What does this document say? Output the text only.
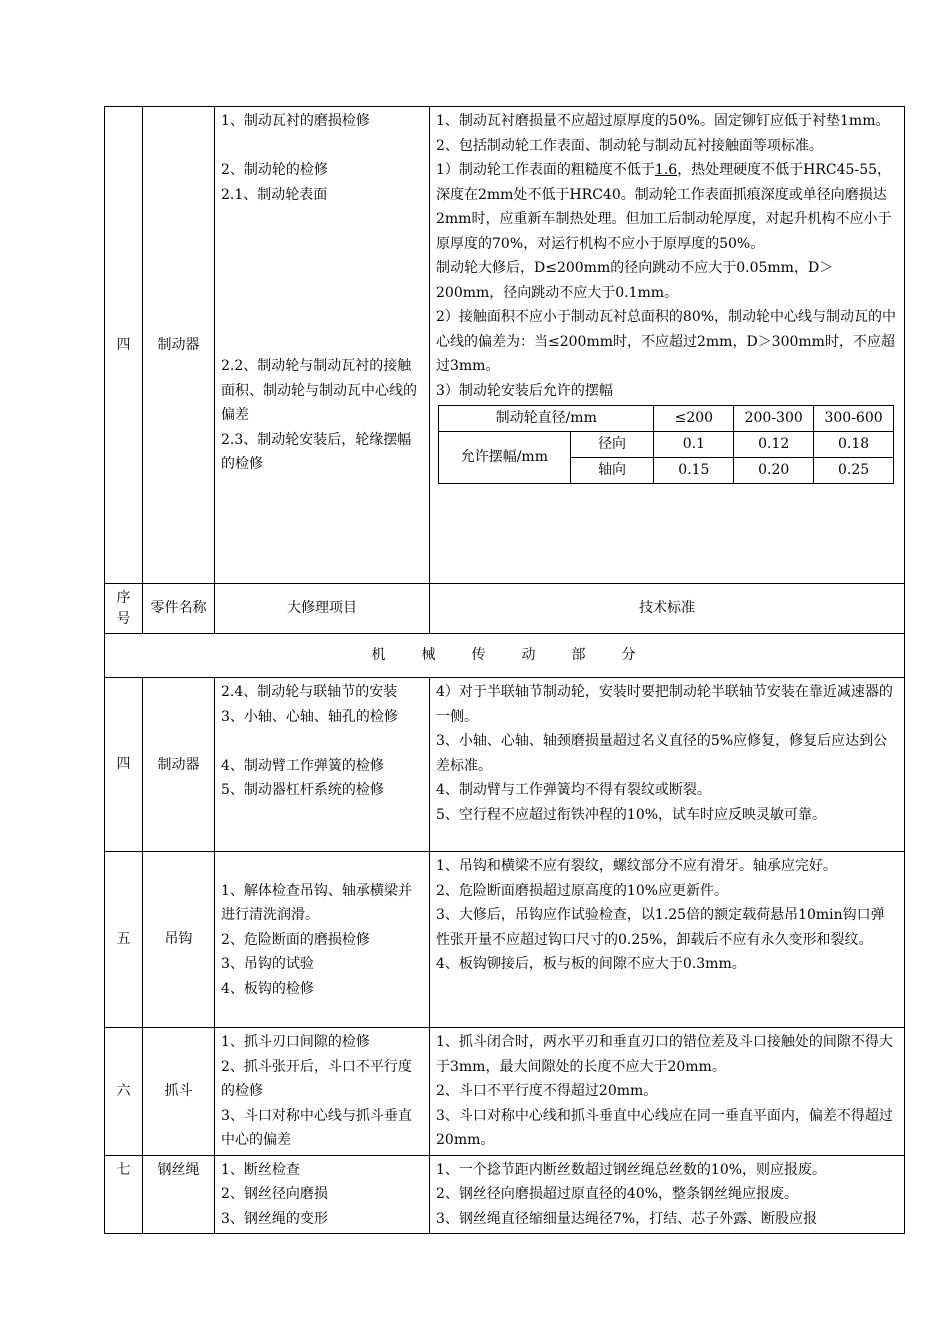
四	制动器	
1、制动瓦衬的磨损检修
2、制动轮的检修
2.1、制动轮表面
2.2、制动轮与制动瓦衬的接触面积、制动轮与制动瓦中心线的偏差
2.3、制动轮安装后，轮缘摆幅的检修

1、制动瓦衬磨损量不应超过原厚度的50%。固定铆钉应低于衬垫1mm。
2、包括制动轮工作表面、制动轮与制动瓦衬接触面等项标准。
1）制动轮工作表面的粗糙度不低于1.6，热处理硬度不低于HRC45-55，深度在2mm处不低于HRC40。制动轮工作表面抓痕深度或单径向磨损达2mm时，应重新车制热处理。但加工后制动轮厚度，对起升机构不应小于原厚度的70%，对运行机构不应小于原厚度的50%。
制动轮大修后，D≤200mm的径向跳动不应大于0.05mm，D＞200mm，径向跳动不应大于0.1mm。
2）接触面积不应小于制动瓦衬总面积的80%，制动轮中心线与制动瓦的中心线的偏差为：当≤200mm时，不应超过2mm，D＞300mm时，不应超过3mm。
3）制动轮安装后允许的摆幅
制动轮直径/mm	≤200	200-300	300-600
允许摆幅/mm	径向	0.1	0.12	0.18
轴向	0.15	0.20	0.25

序号	零件名称	大修理项目	技术标准
机 械 传 动 部 分
四	制动器	
2.4、制动轮与联轴节的安装
3、小轴、心轴、轴孔的检修
4、制动臂工作弹簧的检修
5、制动器杠杆系统的检修

4）对于半联轴节制动轮，安装时要把制动轮半联轴节安装在靠近减速器的一侧。
3、小轴、心轴、轴颈磨损量超过名义直径的5%应修复，修复后应达到公差标准。
4、制动臂与工作弹簧均不得有裂纹或断裂。
5、空行程不应超过衔铁冲程的10%，试车时应反映灵敏可靠。

五	吊钩	
1、解体检查吊钩、轴承横梁并进行清洗润滑。
2、危险断面的磨损检修
3、吊钩的试验
4、板钩的检修

1、吊钩和横梁不应有裂纹，螺纹部分不应有滑牙。轴承应完好。
2、危险断面磨损超过原高度的10%应更新件。
3、大修后，吊钩应作试验检查，以1.25倍的额定载荷悬吊10min钩口弹性张开量不应超过钩口尺寸的0.25%，卸载后不应有永久变形和裂纹。
4、板钩铆接后，板与板的间隙不应大于0.3mm。

六	抓斗	
1、抓斗刃口间隙的检修
2、抓斗张开后，斗口不平行度的检修
3、斗口对称中心线与抓斗垂直中心的偏差

1、抓斗闭合时，两水平刃和垂直刃口的错位差及斗口接触处的间隙不得大于3mm，最大间隙处的长度不应大于20mm。
2、斗口不平行度不得超过20mm。
3、斗口对称中心线和抓斗垂直中心线应在同一垂直平面内，偏差不得超过20mm。

七	钢丝绳	1、断丝检查
2、钢丝径向磨损
3、钢丝绳的变形

1、一个捻节距内断丝数超过钢丝绳总丝数的10%，则应报废。
2、钢丝径向磨损超过原直径的40%，整条钢丝绳应报废。
3、钢丝绳直径缩细量达绳径7%，打结、芯子外露、断股应报
